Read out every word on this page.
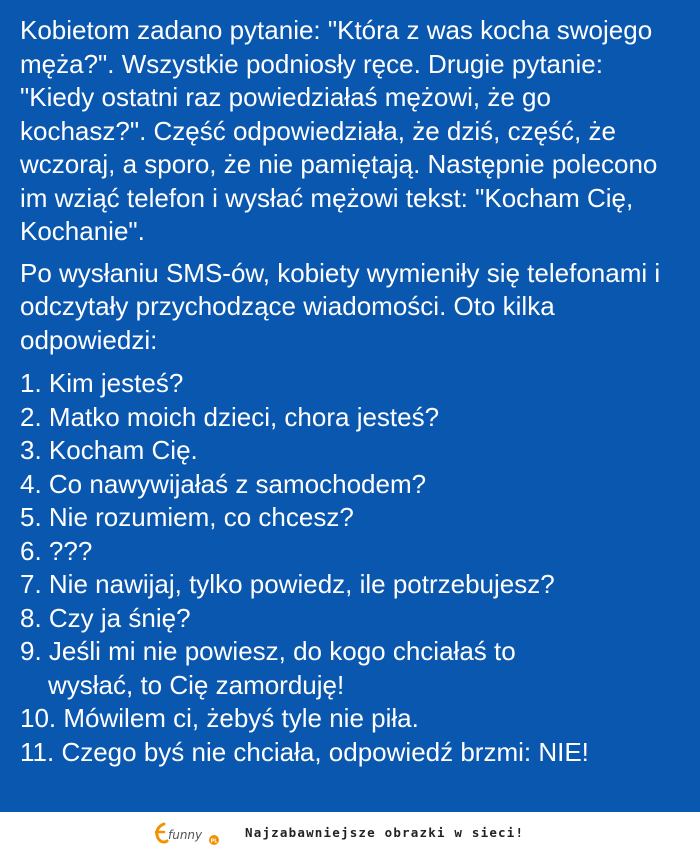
Kobietom zadano pytanie: "Która z was kocha swojego męża?". Wszystkie podniosły ręce. Drugie pytanie: "Kiedy ostatni raz powiedziałaś mężowi, że go kochasz?". Część odpowiedziała, że dziś, część, że wczoraj, a sporo, że nie pamiętają. Następnie polecono im wziąć telefon i wysłać mężowi tekst: "Kocham Cię, Kochanie".

Po wysłaniu SMS-ów, kobiety wymieniły się telefonami i odczytały przychodzące wiadomości. Oto kilka odpowiedzi:

1. Kim jesteś?
2. Matko moich dzieci, chora jesteś?
3. Kocham Cię.
4. Co nawywijałaś z samochodem?
5. Nie rozumiem, co chcesz?
6. ???
7. Nie nawijaj, tylko powiedz, ile potrzebujesz?
8. Czy ja śnię?
9. Jeśli mi nie powiesz, do kogo chciałaś to
wysłać, to Cię zamorduję!
10. Mówilem ci, żebyś tyle nie piła.
11. Czego byś nie chciała, odpowiedź brzmi: NIE!
funny PL
Najzabawniejsze obrazki w sieci!
